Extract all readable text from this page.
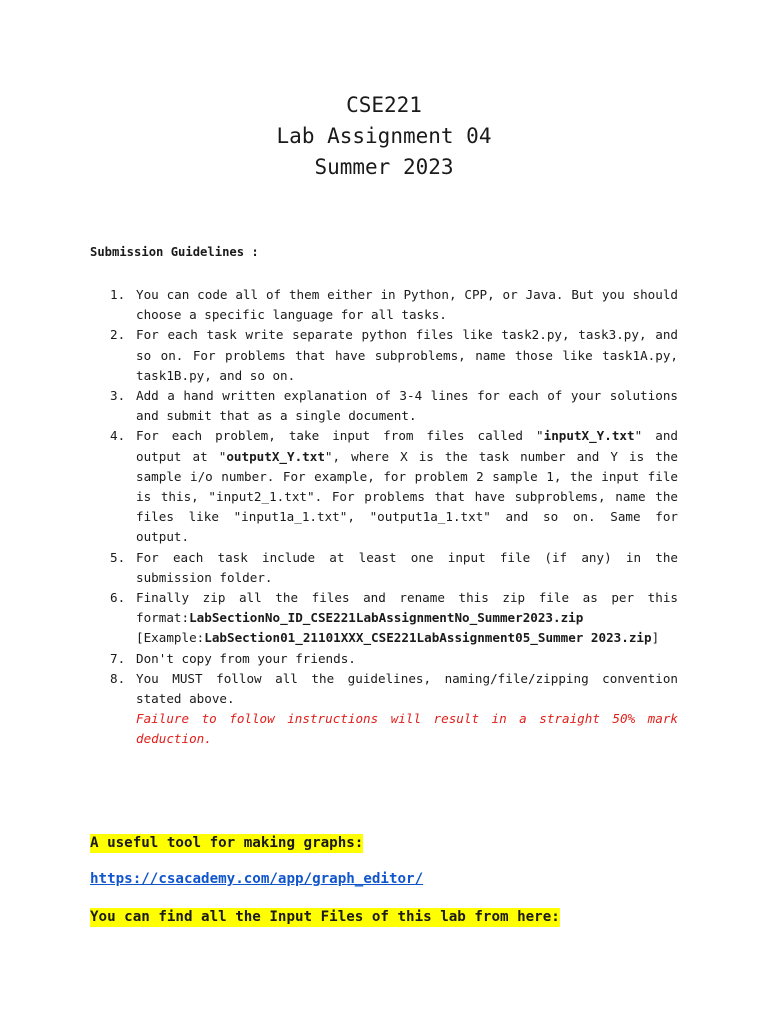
CSE221
Lab Assignment 04
Summer 2023
Submission Guidelines :
1. You can code all of them either in Python, CPP, or Java. But you should choose a specific language for all tasks.
2. For each task write separate python files like task2.py, task3.py, and so on. For problems that have subproblems, name those like task1A.py, task1B.py, and so on.
3. Add a hand written explanation of 3-4 lines for each of your solutions and submit that as a single document.
4. For each problem, take input from files called "inputX_Y.txt" and output at "outputX_Y.txt", where X is the task number and Y is the sample i/o number. For example, for problem 2 sample 1, the input file is this, "input2_1.txt". For problems that have subproblems, name the files like "input1a_1.txt", "output1a_1.txt" and so on. Same for output.
5. For each task include at least one input file (if any) in the submission folder.
6. Finally zip all the files and rename this zip file as per this format:LabSectionNo_ID_CSE221LabAssignmentNo_Summer2023.zip [Example:LabSection01_21101XXX_CSE221LabAssignment05_Summer 2023.zip]
7. Don't copy from your friends.
8. You MUST follow all the guidelines, naming/file/zipping convention stated above.
Failure to follow instructions will result in a straight 50% mark deduction.
A useful tool for making graphs:
https://csacademy.com/app/graph_editor/
You can find all the Input Files of this lab from here:
